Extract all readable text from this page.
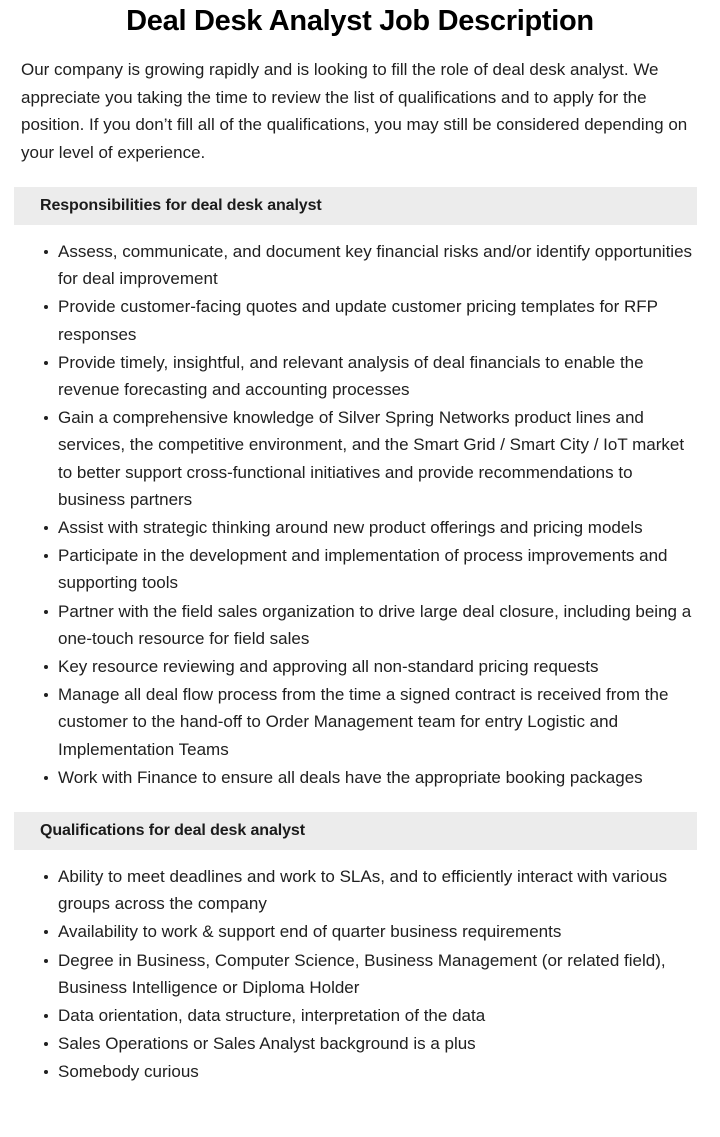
Deal Desk Analyst Job Description

Our company is growing rapidly and is looking to fill the role of deal desk analyst. We appreciate you taking the time to review the list of qualifications and to apply for the position. If you don’t fill all of the qualifications, you may still be considered depending on your level of experience.

Responsibilities for deal desk analyst
Assess, communicate, and document key financial risks and/or identify opportunities for deal improvement
Provide customer-facing quotes and update customer pricing templates for RFP responses
Provide timely, insightful, and relevant analysis of deal financials to enable the revenue forecasting and accounting processes
Gain a comprehensive knowledge of Silver Spring Networks product lines and services, the competitive environment, and the Smart Grid / Smart City / IoT market to better support cross-functional initiatives and provide recommendations to business partners
Assist with strategic thinking around new product offerings and pricing models
Participate in the development and implementation of process improvements and supporting tools
Partner with the field sales organization to drive large deal closure, including being a one-touch resource for field sales
Key resource reviewing and approving all non-standard pricing requests
Manage all deal flow process from the time a signed contract is received from the customer to the hand-off to Order Management team for entry Logistic and Implementation Teams
Work with Finance to ensure all deals have the appropriate booking packages
Qualifications for deal desk analyst
Ability to meet deadlines and work to SLAs, and to efficiently interact with various groups across the company
Availability to work & support end of quarter business requirements
Degree in Business, Computer Science, Business Management (or related field), Business Intelligence or Diploma Holder
Data orientation, data structure, interpretation of the data
Sales Operations or Sales Analyst background is a plus
Somebody curious
